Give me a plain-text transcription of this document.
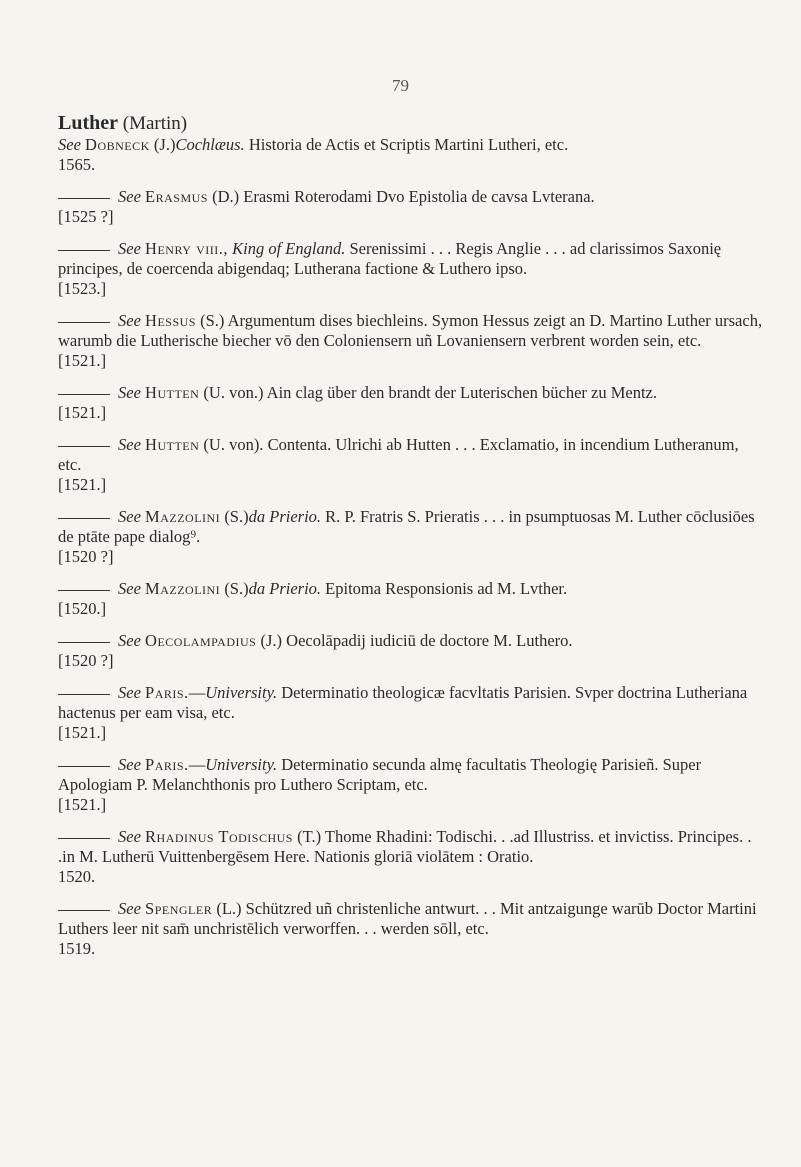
79
Luther (Martin)
See Dobneck (J.)Cochlæus. Historia de Actis et Scriptis Martini Lutheri, etc.
1565.
See Erasmus (D.) Erasmi Roterodami Dvo Epistolia de cavsa Lvterana.
[1525 ?]
See Henry viii., King of England. Serenissimi . . . Regis Anglie . . . ad clarissimos Saxonię principes, de coercenda abigendaq; Lutherana factione & Luthero ipso.
[1523.]
See Hessus (S.) Argumentum dises biechleins. Symon Hessus zeigt an D. Martino Luther ursach, warumb die Lutherische biecher vō den Coloniensern uñ Lovaniensern verbrent worden sein, etc.
[1521.]
See Hutten (U. von.) Ain clag über den brandt der Luterischen bücher zu Mentz.
[1521.]
See Hutten (U. von). Contenta. Ulrichi ab Hutten . . . Exclamatio, in incendium Lutheranum, etc.
[1521.]
See Mazzolini (S.)da Prierio. R. P. Fratris S. Prieratis . . . in psumptuosas M. Luther cōclusiōes de ptāte pape dialog⁹.
[1520 ?]
See Mazzolini (S.)da Prierio. Epitoma Responsionis ad M. Lvther.
[1520.]
See Oecolampadius (J.) Oecolāpadij iudiciū de doctore M. Luthero.
[1520 ?]
See Paris.—University. Determinatio theologicæ facvltatis Parisien. Svper doctrina Lutheriana hactenus per eam visa, etc.
[1521.]
See Paris.—University. Determinatio secunda almę facultatis Theologię Parisieñ. Super Apologiam P. Melanchthonis pro Luthero Scriptam, etc.
[1521.]
See Rhadinus Todischus (T.) Thome Rhadini: Todischi. . .ad Illustriss. et invictiss. Principes. . .in M. Lutherū Vuittenbergēsem Here. Nationis gloriā violātem : Oratio.
1520.
See Spengler (L.) Schützred uñ christenliche antwurt. . . Mit antzaigunge warūb Doctor Martini Luthers leer nit sam̄ unchristēlich verworffen. . . werden sōll, etc.
1519.
